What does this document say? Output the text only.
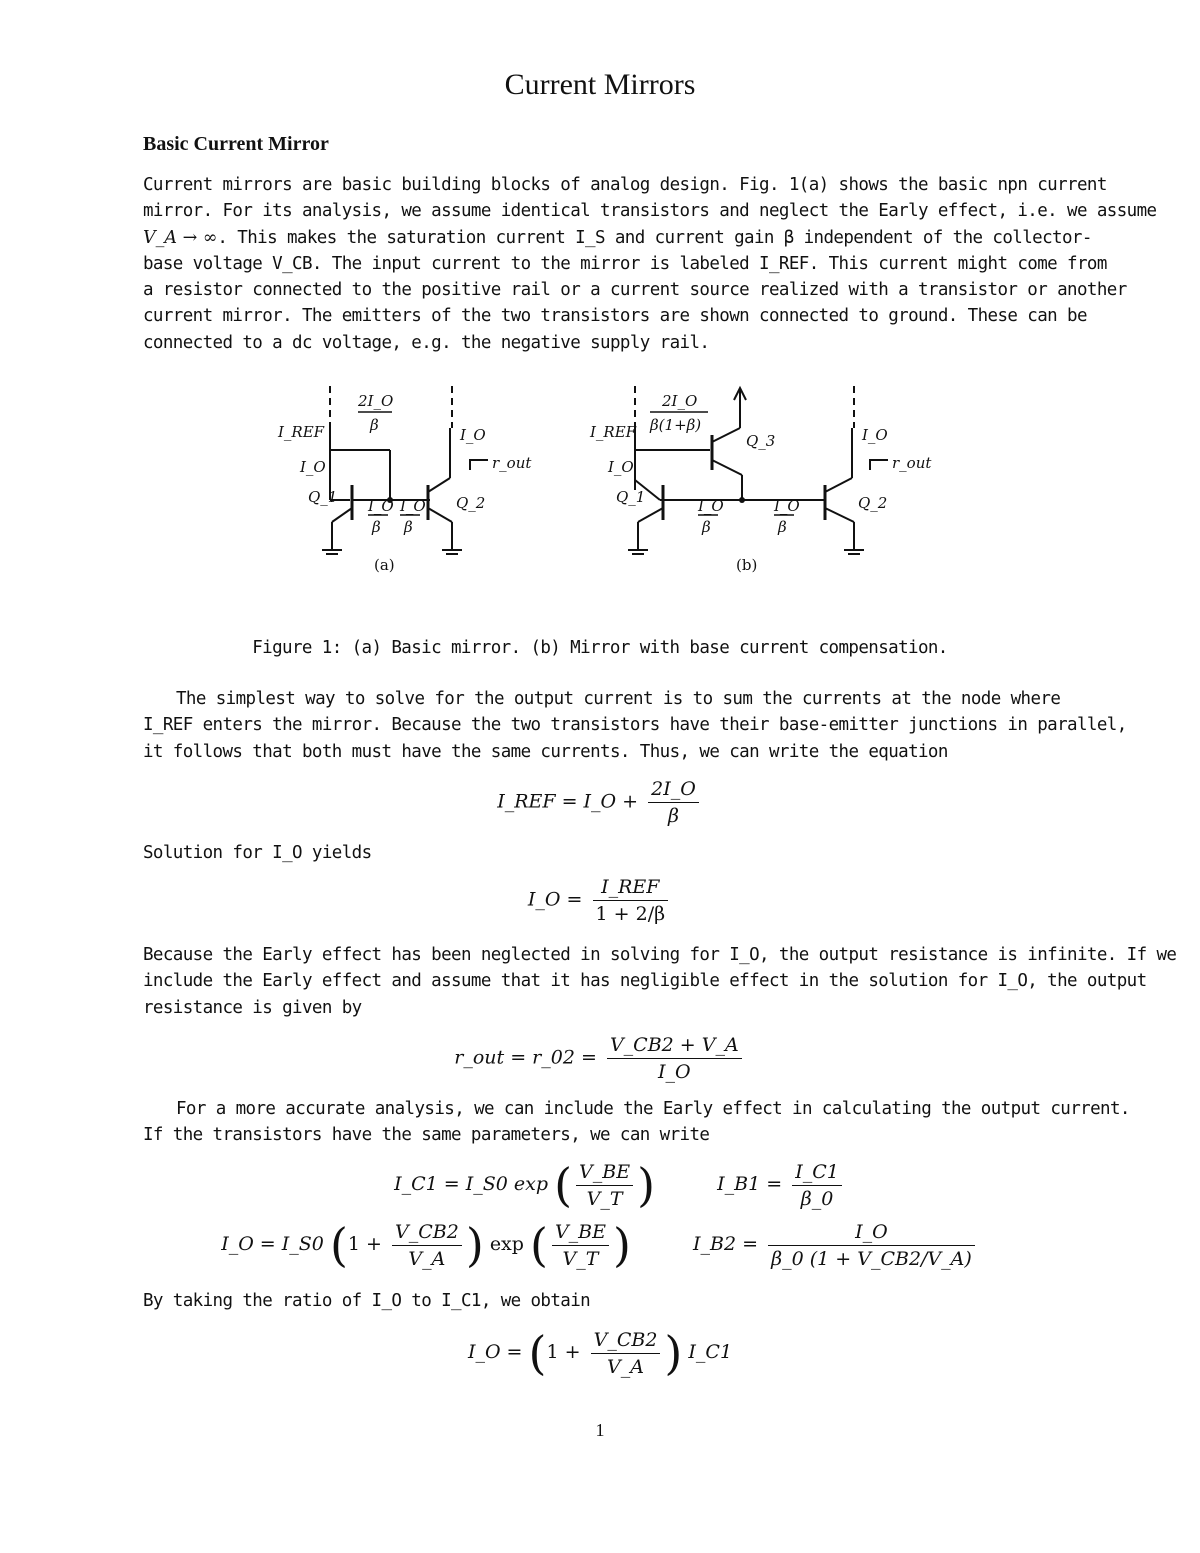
Current Mirrors
Basic Current Mirror
Current mirrors are basic building blocks of analog design. Fig. 1(a) shows the basic npn current
mirror. For its analysis, we assume identical transistors and neglect the Early effect, i.e. we assume
V_A → ∞. This makes the saturation current I_S and current gain β independent of the collector-
base voltage V_CB. The input current to the mirror is labeled I_REF. This current might come from
a resistor connected to the positive rail or a current source realized with a transistor or another
current mirror. The emitters of the two transistors are shown connected to ground. These can be
connected to a dc voltage, e.g. the negative supply rail.
I_REF
I_O
2I_O
β
I_O
r_out
Q_1	Q_2
I_O
β
I_O
β
(a)
I_REF
I_O
2I_O
β(1+β)
Q_3	I_O
r_out
Q_1	Q_2
I_O
β
I_O
β
(b)
Figure 1: (a) Basic mirror. (b) Mirror with base current compensation.
The simplest way to solve for the output current is to sum the currents at the node where
I_REF enters the mirror. Because the two transistors have their base-emitter junctions in parallel,
it follows that both must have the same currents. Thus, we can write the equation
I_REF = I_O + $\frac{2I\_O}{\beta}$
Solution for I_O yields
I_O = $\frac{\text{I\_REF}}{1 + 2/\beta}$
Because the Early effect has been neglected in solving for I_O, the output resistance is infinite. If we
include the Early effect and assume that it has negligible effect in the solution for I_O, the output
resistance is given by
r_out = r_02 = $\frac{V\_CB2 + V\_A}{I\_O}$
For a more accurate analysis, we can include the Early effect in calculating the output current.
If the transistors have the same parameters, we can write
I_C1 = I_S0 exp ( $\frac{V\_BE}{V\_T}$ )	I_B1 = $\frac{I\_C1}{\beta\_0}$
I_O = I_S0 ($1 + \frac{V\_CB2}{V\_A}$ ) exp ( $\frac{V\_BE}{V\_T}$ )	I_B2 = $\frac{I\_O}{\beta\_0 (1 + V\_CB2/V\_A)}$
By taking the ratio of I_O to I_C1, we obtain
I_O = ($1 + \frac{V\_CB2}{V\_A}$ ) I_C1
1
